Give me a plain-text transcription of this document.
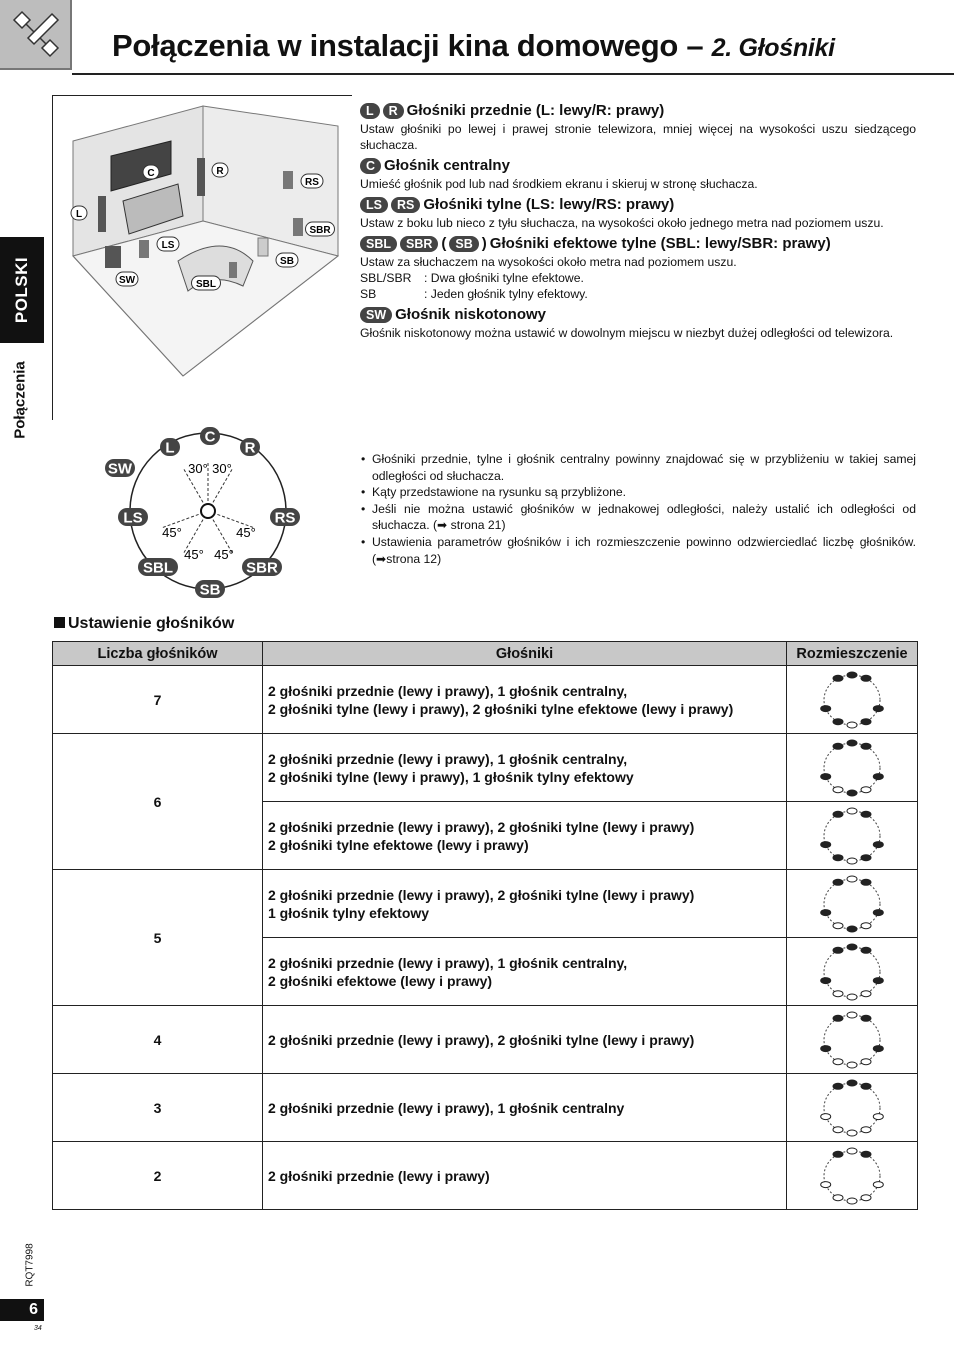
Połączenia w instalacji kina domowego – 2. Głośniki
POLSKI
Połączenia
C	R
RS
L
LS
SBR
SW	SBL
SB
L	R Głośniki przednie (L: lewy/R: prawy)
Ustaw głośniki po lewej i prawej stronie telewizora, mniej więcej na wysokości uszu siedzącego słuchacza.
C Głośnik centralny
Umieść głośnik pod lub nad środkiem ekranu i skieruj w stronę słuchacza.
LS	RS Głośniki tylne (LS: lewy/RS: prawy)
Ustaw z boku lub nieco z tyłu słuchacza, na wysokości około jednego metra nad poziomem uszu.
SBL	SBR ( SB ) Głośniki efektowe tylne (SBL: lewy/SBR: prawy)
Ustaw za słuchaczem na wysokości około metra nad poziomem uszu.
SBL/SBR	: Dwa głośniki tylne efektowe.
SB	: Jeden głośnik tylny efektowy.
SW Głośnik niskotonowy
Głośnik niskotonowy można ustawić w dowolnym miejscu w niezbyt dużej odległości od telewizora.
L
C
R
SW
LS	RS
SBL	SBR
SB
30° 30°
45°	45°
45° 45°
• Głośniki przednie, tylne i głośnik centralny powinny znajdować się w przybliżeniu w takiej samej odległości od słuchacza.
• Kąty przedstawione na rysunku są przybliżone.
• Jeśli nie można ustawić głośników w jednakowej odległości, należy ustalić ich odległości od słuchacza. (➡ strona 21)
• Ustawienia parametrów głośników i ich rozmieszczenie powinno odzwierciedlać liczbę głośników. (➡strona 12)
Ustawienie głośników
Liczba głośników	Głośniki	Rozmieszczenie
7	2 głośniki przednie (lewy i prawy), 1 głośnik centralny,
2 głośniki tylne (lewy i prawy), 2 głośniki tylne efektowe (lewy i prawy)

6	2 głośniki przednie (lewy i prawy), 1 głośnik centralny,
2 głośniki tylne (lewy i prawy), 1 głośnik tylny efektowy

	2 głośniki przednie (lewy i prawy), 2 głośniki tylne (lewy i prawy)
2 głośniki tylne efektowe (lewy i prawy)

5	2 głośniki przednie (lewy i prawy), 2 głośniki tylne (lewy i prawy)
1 głośnik tylny efektowy

	2 głośniki przednie (lewy i prawy), 1 głośnik centralny,
2 głośniki efektowe (lewy i prawy)

4	2 głośniki przednie (lewy i prawy), 2 głośniki tylne (lewy i prawy)

3	2 głośniki przednie (lewy i prawy), 1 głośnik centralny

2	2 głośniki przednie (lewy i prawy)

RQT7998
6
34
